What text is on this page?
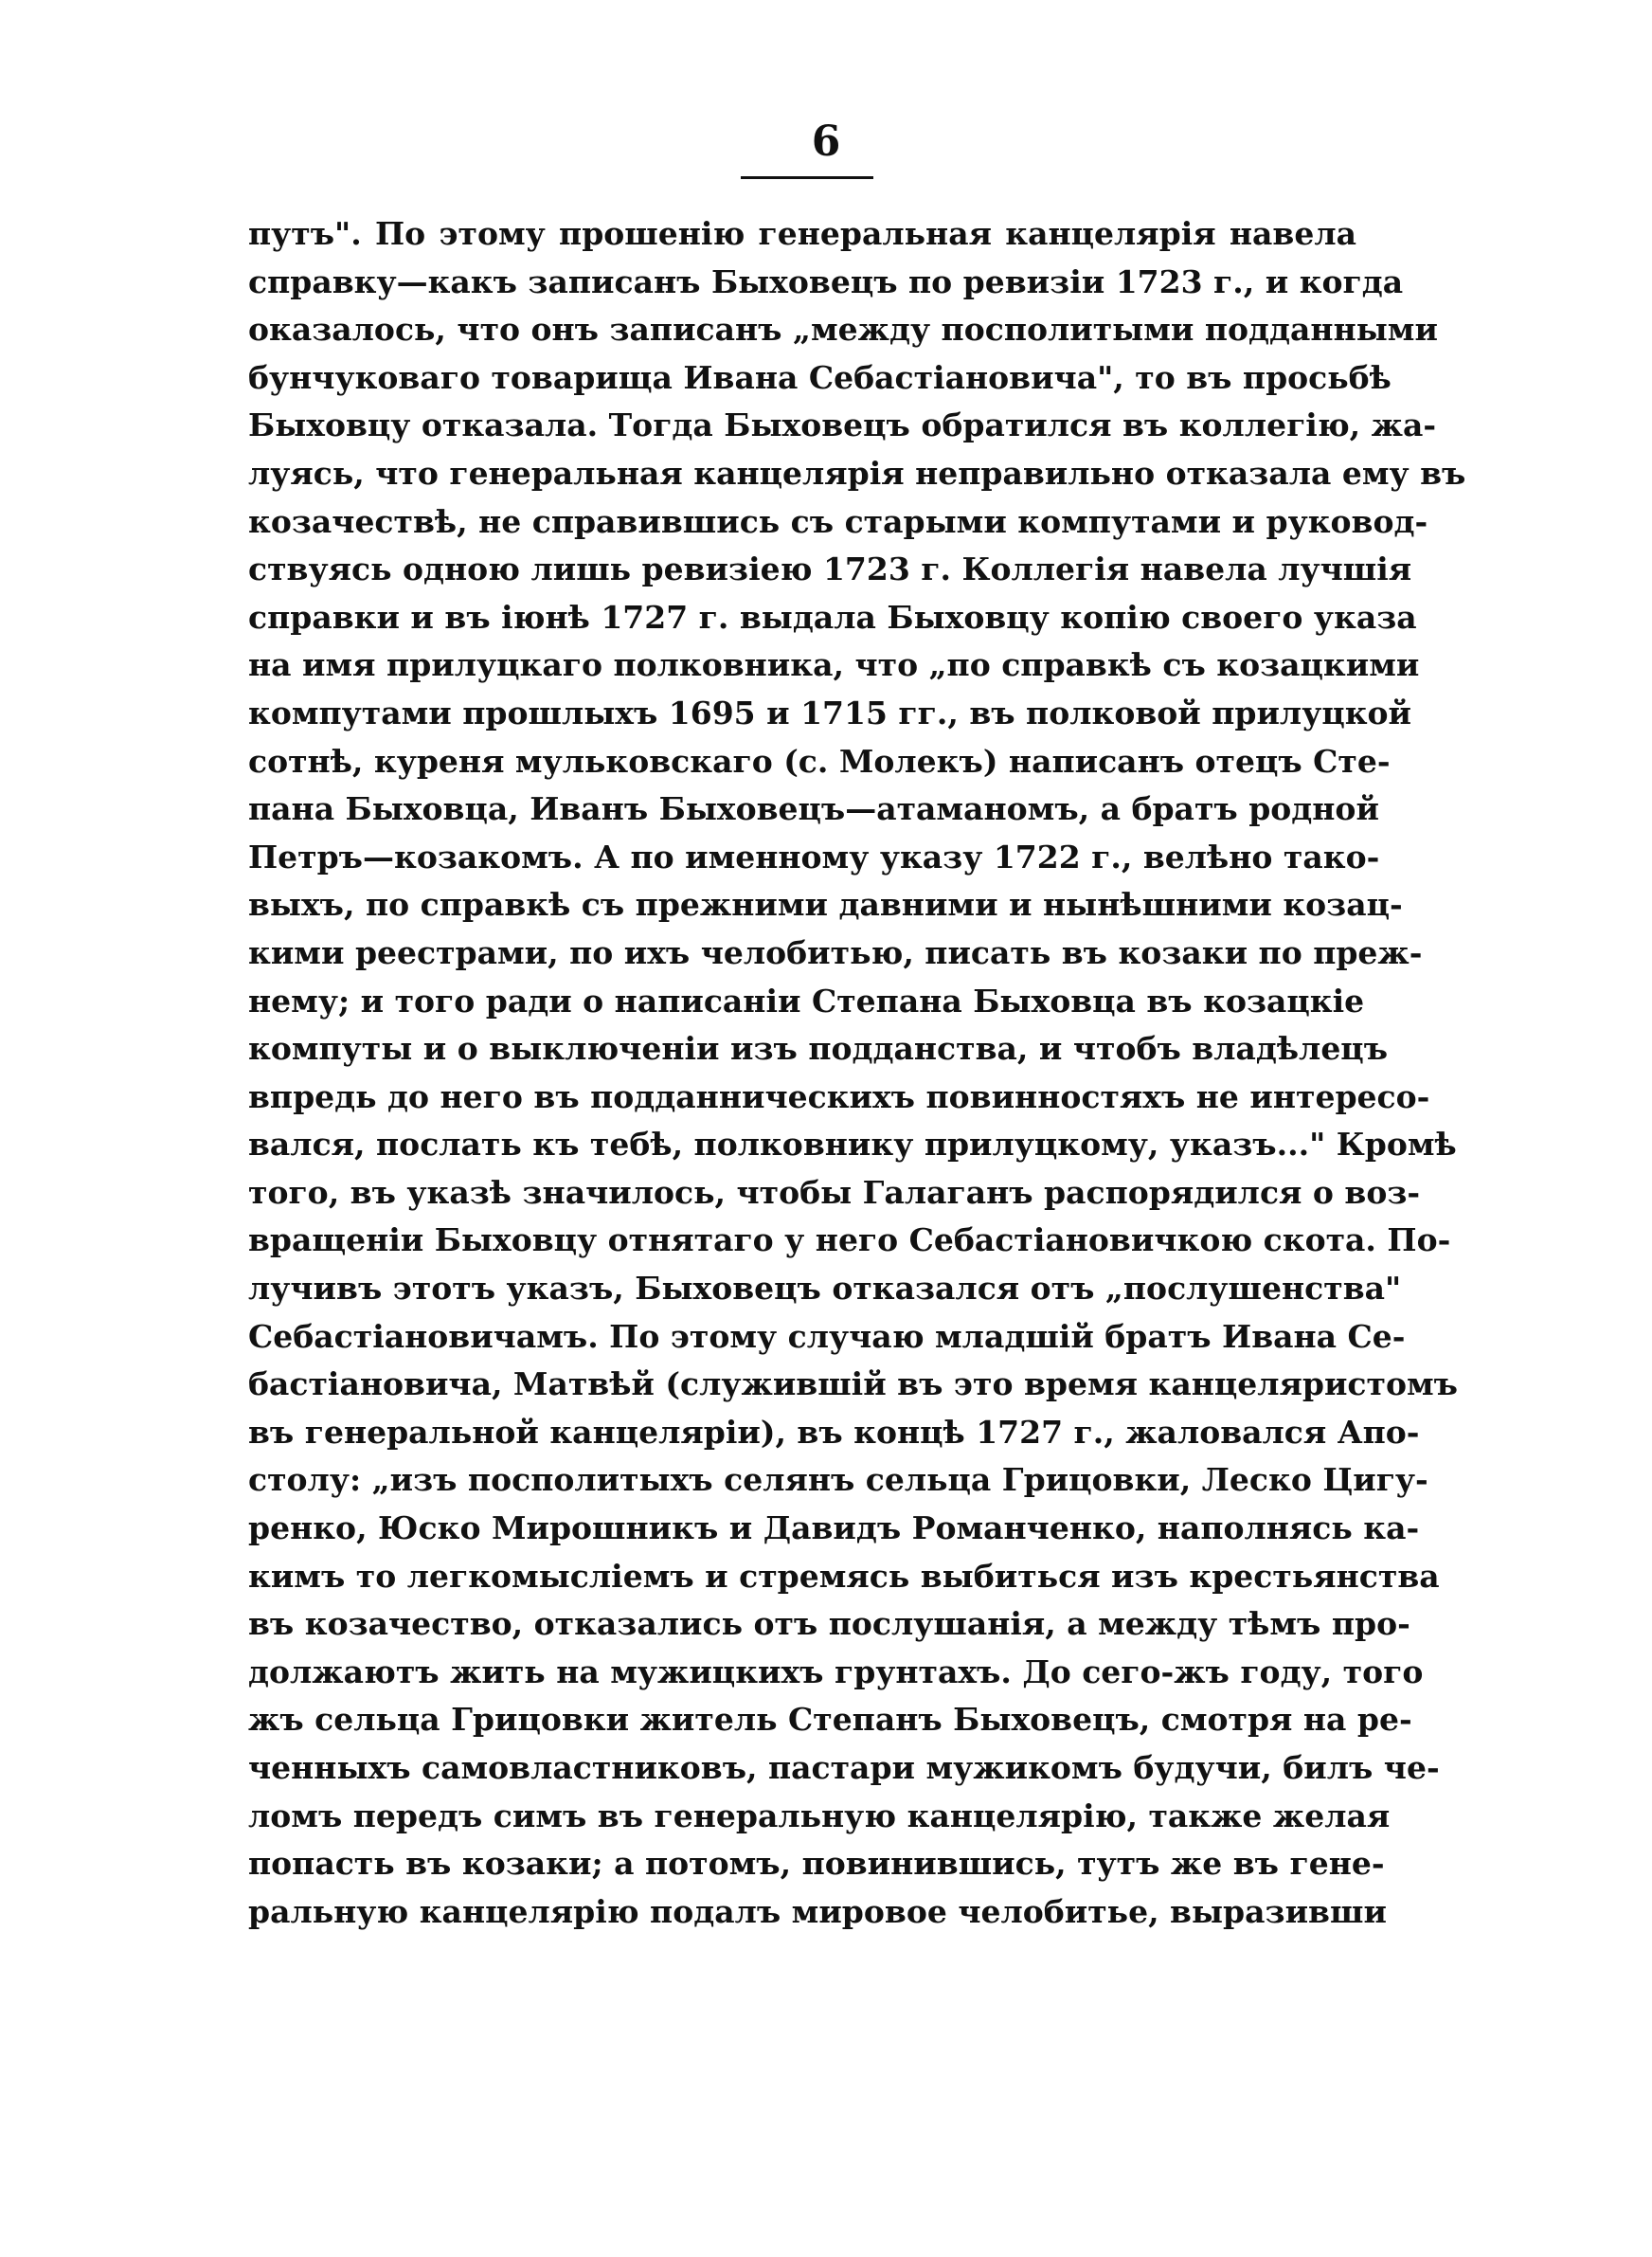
6
путъ". По этому прошенію генеральная канцелярія навела
справку—какъ записанъ Быховецъ по ревизіи 1723 г., и когда
оказалось, что онъ записанъ „между посполитыми подданными
бунчуковаго товарища Ивана Себастіановича", то въ просьбѣ
Быховцу отказала. Тогда Быховецъ обратился въ коллегію, жа-
луясь, что генеральная канцелярія неправильно отказала ему въ
козачествѣ, не справившись съ старыми компутами и руковод-
ствуясь одною лишь ревизіею 1723 г. Коллегія навела лучшія
справки и въ іюнѣ 1727 г. выдала Быховцу копію своего указа
на имя прилуцкаго полковника, что „по справкѣ съ козацкими
компутами прошлыхъ 1695 и 1715 гг., въ полковой прилуцкой
сотнѣ, куреня мульковскаго (с. Молекъ) написанъ отецъ Сте-
пана Быховца, Иванъ Быховецъ—атаманомъ, а братъ родной
Петръ—козакомъ. А по именному указу 1722 г., велѣно тако-
выхъ, по справкѣ съ прежними давними и нынѣшними козац-
кими реестрами, по ихъ челобитью, писать въ козаки по преж-
нему; и того ради о написаніи Степана Быховца въ козацкіе
компуты и о выключеніи изъ подданства, и чтобъ владѣлецъ
впредь до него въ подданническихъ повинностяхъ не интересо-
вался, послать къ тебѣ, полковнику прилуцкому, указъ..." Кромѣ
того, въ указѣ значилось, чтобы Галаганъ распорядился о воз-
вращеніи Быховцу отнятаго у него Себастіановичкою скота. По-
лучивъ этотъ указъ, Быховецъ отказался отъ „послушенства"
Себастіановичамъ. По этому случаю младшій братъ Ивана Се-
бастіановича, Матвѣй (служившій въ это время канцеляристомъ
въ генеральной канцеляріи), въ концѣ 1727 г., жаловался Апо-
столу: „изъ посполитыхъ селянъ сельца Грицовки, Леско Цигу-
ренко, Юско Мирошникъ и Давидъ Романченко, наполнясь ка-
кимъ то легкомысліемъ и стремясь выбиться изъ крестьянства
въ козачество, отказались отъ послушанія, а между тѣмъ про-
должаютъ жить на мужицкихъ грунтахъ. До сего-жъ году, того
жъ сельца Грицовки житель Степанъ Быховецъ, смотря на ре-
ченныхъ самовластниковъ, пастари мужикомъ будучи, билъ че-
ломъ передъ симъ въ генеральную канцелярію, также желая
попасть въ козаки; а потомъ, повинившись, тутъ же въ гене-
ральную канцелярію подалъ мировое челобитье, выразивши
